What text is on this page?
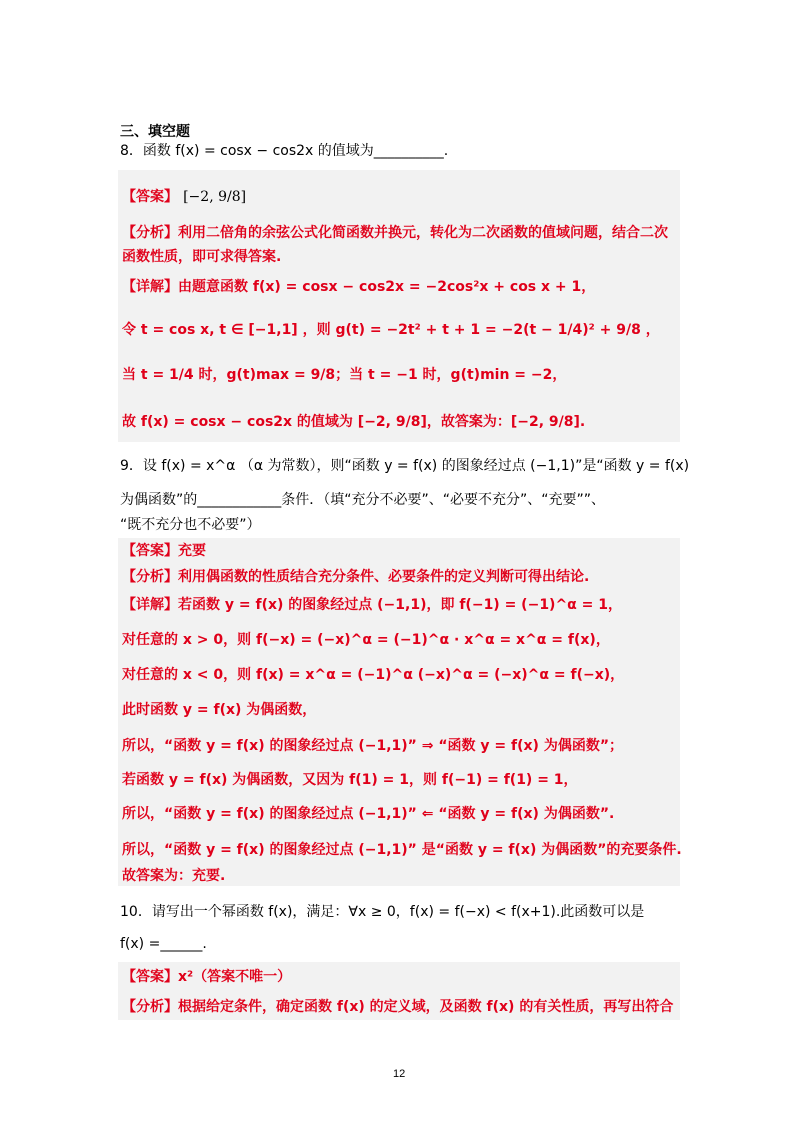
三、填空题
8．函数 f(x) = cosx − cos2x 的值域为__________.
【答案】 [−2, 9/8]
【分析】利用二倍角的余弦公式化简函数并换元，转化为二次函数的值域问题，结合二次
函数性质，即可求得答案.
【详解】由题意函数 f(x) = cosx − cos2x = −2cos²x + cos x + 1，
令 t = cos x, t ∈ [−1,1] ，则 g(t) = −2t² + t + 1 = −2(t − 1/4)² + 9/8 ，
当 t = 1/4 时，g(t)max = 9/8；当 t = −1 时，g(t)min = −2，
故 f(x) = cosx − cos2x 的值域为 [−2, 9/8]，故答案为：[−2, 9/8].
9．设 f(x) = x^α （α 为常数），则“函数 y = f(x) 的图象经过点 (−1,1)”是“函数 y = f(x)
为偶函数”的____________条件．（填“充分不必要”、“必要不充分”、“充要””、
“既不充分也不必要”）
【答案】充要
【分析】利用偶函数的性质结合充分条件、必要条件的定义判断可得出结论.
【详解】若函数 y = f(x) 的图象经过点 (−1,1)，即 f(−1) = (−1)^α = 1，
对任意的 x > 0，则 f(−x) = (−x)^α = (−1)^α · x^α = x^α = f(x)，
对任意的 x < 0，则 f(x) = x^α = (−1)^α (−x)^α = (−x)^α = f(−x)，
此时函数 y = f(x) 为偶函数，
所以，“函数 y = f(x) 的图象经过点 (−1,1)” ⇒ “函数 y = f(x) 为偶函数”；
若函数 y = f(x) 为偶函数，又因为 f(1) = 1，则 f(−1) = f(1) = 1，
所以，“函数 y = f(x) 的图象经过点 (−1,1)” ⇐ “函数 y = f(x) 为偶函数”.
所以，“函数 y = f(x) 的图象经过点 (−1,1)” 是“函数 y = f(x) 为偶函数”的充要条件.
故答案为：充要.
10．请写出一个幂函数 f(x)，满足：∀x ≥ 0，f(x) = f(−x) < f(x+1).此函数可以是
f(x) =______.
【答案】x²（答案不唯一）
【分析】根据给定条件，确定函数 f(x) 的定义域，及函数 f(x) 的有关性质，再写出符合
12
